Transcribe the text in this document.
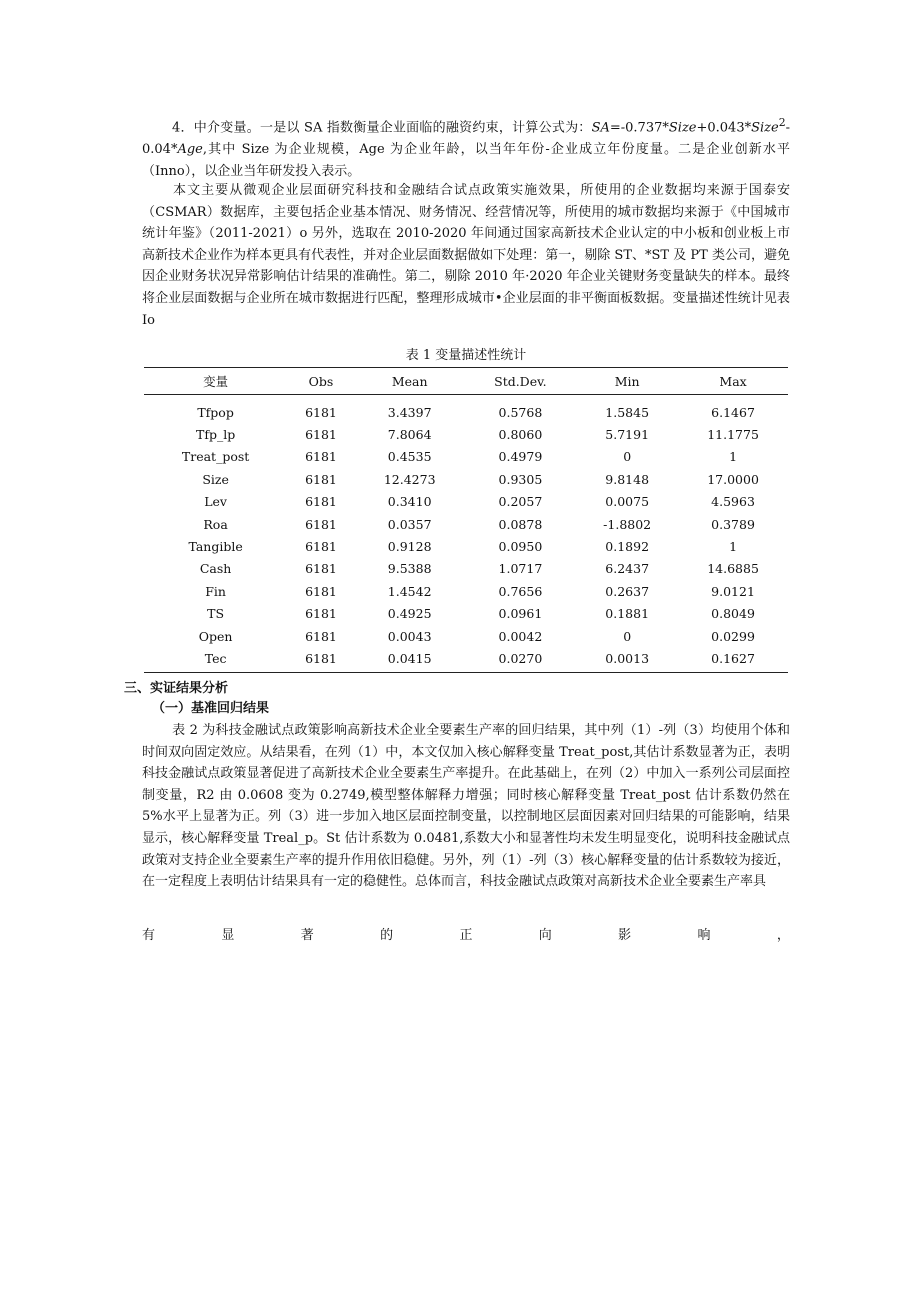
4．中介变量。一是以 SA 指数衡量企业面临的融资约束，计算公式为：SA=-0.737*Size+0.043*Size$^2$-0.04*Age,其中 Size 为企业规模，Age 为企业年龄，以当年年份-企业成立年份度量。二是企业创新水平（Inno），以企业当年研发投入表示。

本文主要从微观企业层面研究科技和金融结合试点政策实施效果，所使用的企业数据均来源于国泰安（CSMAR）数据库，主要包括企业基本情况、财务情况、经营情况等，所使用的城市数据均来源于《中国城市统计年鉴》（2011-2021）o 另外，选取在 2010-2020 年间通过国家高新技术企业认定的中小板和创业板上市高新技术企业作为样本更具有代表性，并对企业层面数据做如下处理：第一，剔除 ST、*ST 及 PT 类公司，避免因企业财务状况异常影响估计结果的准确性。第二，剔除 2010 年·2020 年企业关键财务变量缺失的样本。最终将企业层面数据与企业所在城市数据进行匹配，整理形成城市•企业层面的非平衡面板数据。变量描述性统计见表 Io

表 1 变量描述性统计
变量	Obs	Mean	Std.Dev.	Min	Max
Tfpop	6181	3.4397	0.5768	1.5845	6.1467
Tfp_lp	6181	7.8064	0.8060	5.7191	11.1775
Treat_post	6181	0.4535	0.4979	0	1
Size	6181	12.4273	0.9305	9.8148	17.0000
Lev	6181	0.3410	0.2057	0.0075	4.5963
Roa	6181	0.0357	0.0878	-1.8802	0.3789
Tangible	6181	0.9128	0.0950	0.1892	1
Cash	6181	9.5388	1.0717	6.2437	14.6885
Fin	6181	1.4542	0.7656	0.2637	9.0121
TS	6181	0.4925	0.0961	0.1881	0.8049
Open	6181	0.0043	0.0042	0	0.0299
Tec	6181	0.0415	0.0270	0.0013	0.1627
三、实证结果分析
（一）基准回归结果

表 2 为科技金融试点政策影响高新技术企业全要素生产率的回归结果，其中列（1）-列（3）均使用个体和时间双向固定效应。从结果看，在列（1）中，本文仅加入核心解释变量 Treat_post,其估计系数显著为正，表明科技金融试点政策显著促进了高新技术企业全要素生产率提升。在此基础上，在列（2）中加入一系列公司层面控制变量，R2 由 0.0608 变为 0.2749,模型整体解释力增强；同时核心解释变量 Treat_post 估计系数仍然在 5%水平上显著为正。列（3）进一步加入地区层面控制变量，以控制地区层面因素对回归结果的可能影响，结果显示，核心解释变量 Treal_p。St 估计系数为 0.0481,系数大小和显著性均未发生明显变化，说明科技金融试点政策对支持企业全要素生产率的提升作用依旧稳健。另外，列（1）-列（3）核心解释变量的估计系数较为接近，在一定程度上表明估计结果具有一定的稳健性。总体而言，科技金融试点政策对高新技术企业全要素生产率具

有	显	著	的	正	向	影	响	，
